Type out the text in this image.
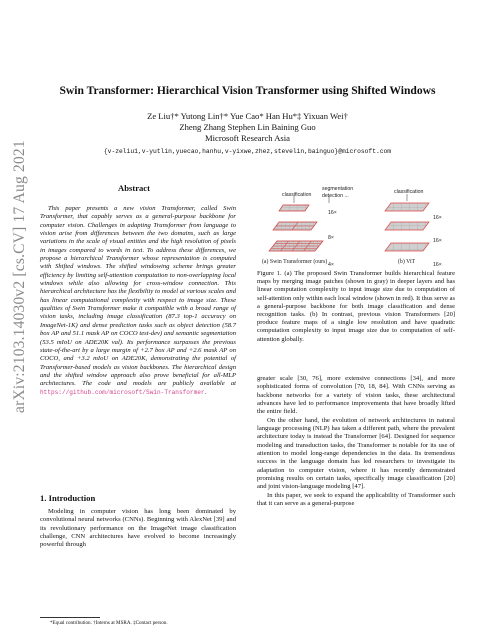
arXiv:2103.14030v2 [cs.CV] 17 Aug 2021
Swin Transformer: Hierarchical Vision Transformer using Shifted Windows
Ze Liu†* Yutong Lin†* Yue Cao* Han Hu*‡ Yixuan Wei†
Zheng Zhang Stephen Lin Baining Guo
Microsoft Research Asia
{v-zeliu1,v-yutlin,yuecao,hanhu,v-yixwe,zhez,stevelin,bainguo}@microsoft.com
Abstract
This paper presents a new vision Transformer, called Swin Transformer, that capably serves as a general-purpose backbone for computer vision. Challenges in adapting Transformer from language to vision arise from differences between the two domains, such as large variations in the scale of visual entities and the high resolution of pixels in images compared to words in text. To address these differences, we propose a hierarchical Transformer whose representation is computed with Shifted windows. The shifted windowing scheme brings greater efficiency by limiting self-attention computation to non-overlapping local windows while also allowing for cross-window connection. This hierarchical architecture has the flexibility to model at various scales and has linear computational complexity with respect to image size. These qualities of Swin Transformer make it compatible with a broad range of vision tasks, including image classification (87.3 top-1 accuracy on ImageNet-1K) and dense prediction tasks such as object detection (58.7 box AP and 51.1 mask AP on COCO test-dev) and semantic segmentation (53.5 mIoU on ADE20K val). Its performance surpasses the previous state-of-the-art by a large margin of +2.7 box AP and +2.6 mask AP on COCO, and +3.2 mIoU on ADE20K, demonstrating the potential of Transformer-based models as vision backbones. The hierarchical design and the shifted window approach also prove beneficial for all-MLP architectures. The code and models are publicly available at https://github.com/microsoft/Swin-Transformer.
1. Introduction
Modeling in computer vision has long been dominated by convolutional neural networks (CNNs). Beginning with AlexNet [39] and its revolutionary performance on the ImageNet image classification challenge, CNN architectures have evolved to become increasingly powerful through
*Equal contribution. †Interns at MSRA. ‡Contact person.
classification
segmentation
detection ...
classification
16×
8×
4×
16×
16×
16×
(a) Swin Transformer (ours)	(b) ViT
Figure 1. (a) The proposed Swin Transformer builds hierarchical feature maps by merging image patches (shown in gray) in deeper layers and has linear computation complexity to input image size due to computation of self-attention only within each local window (shown in red). It thus serve as a general-purpose backbone for both image classification and dense recognition tasks. (b) In contrast, previous vision Transformers [20] produce feature maps of a single low resolution and have quadratic computation complexity to input image size due to computation of self-attention globally.

greater scale [30, 76], more extensive connections [34], and more sophisticated forms of convolution [70, 18, 84]. With CNNs serving as backbone networks for a variety of vision tasks, these architectural advances have led to performance improvements that have broadly lifted the entire field.

On the other hand, the evolution of network architectures in natural language processing (NLP) has taken a different path, where the prevalent architecture today is instead the Transformer [64]. Designed for sequence modeling and transduction tasks, the Transformer is notable for its use of attention to model long-range dependencies in the data. Its tremendous success in the language domain has led researchers to investigate its adaptation to computer vision, where it has recently demonstrated promising results on certain tasks, specifically image classification [20] and joint vision-language modeling [47].

In this paper, we seek to expand the applicability of Transformer such that it can serve as a general-purpose
